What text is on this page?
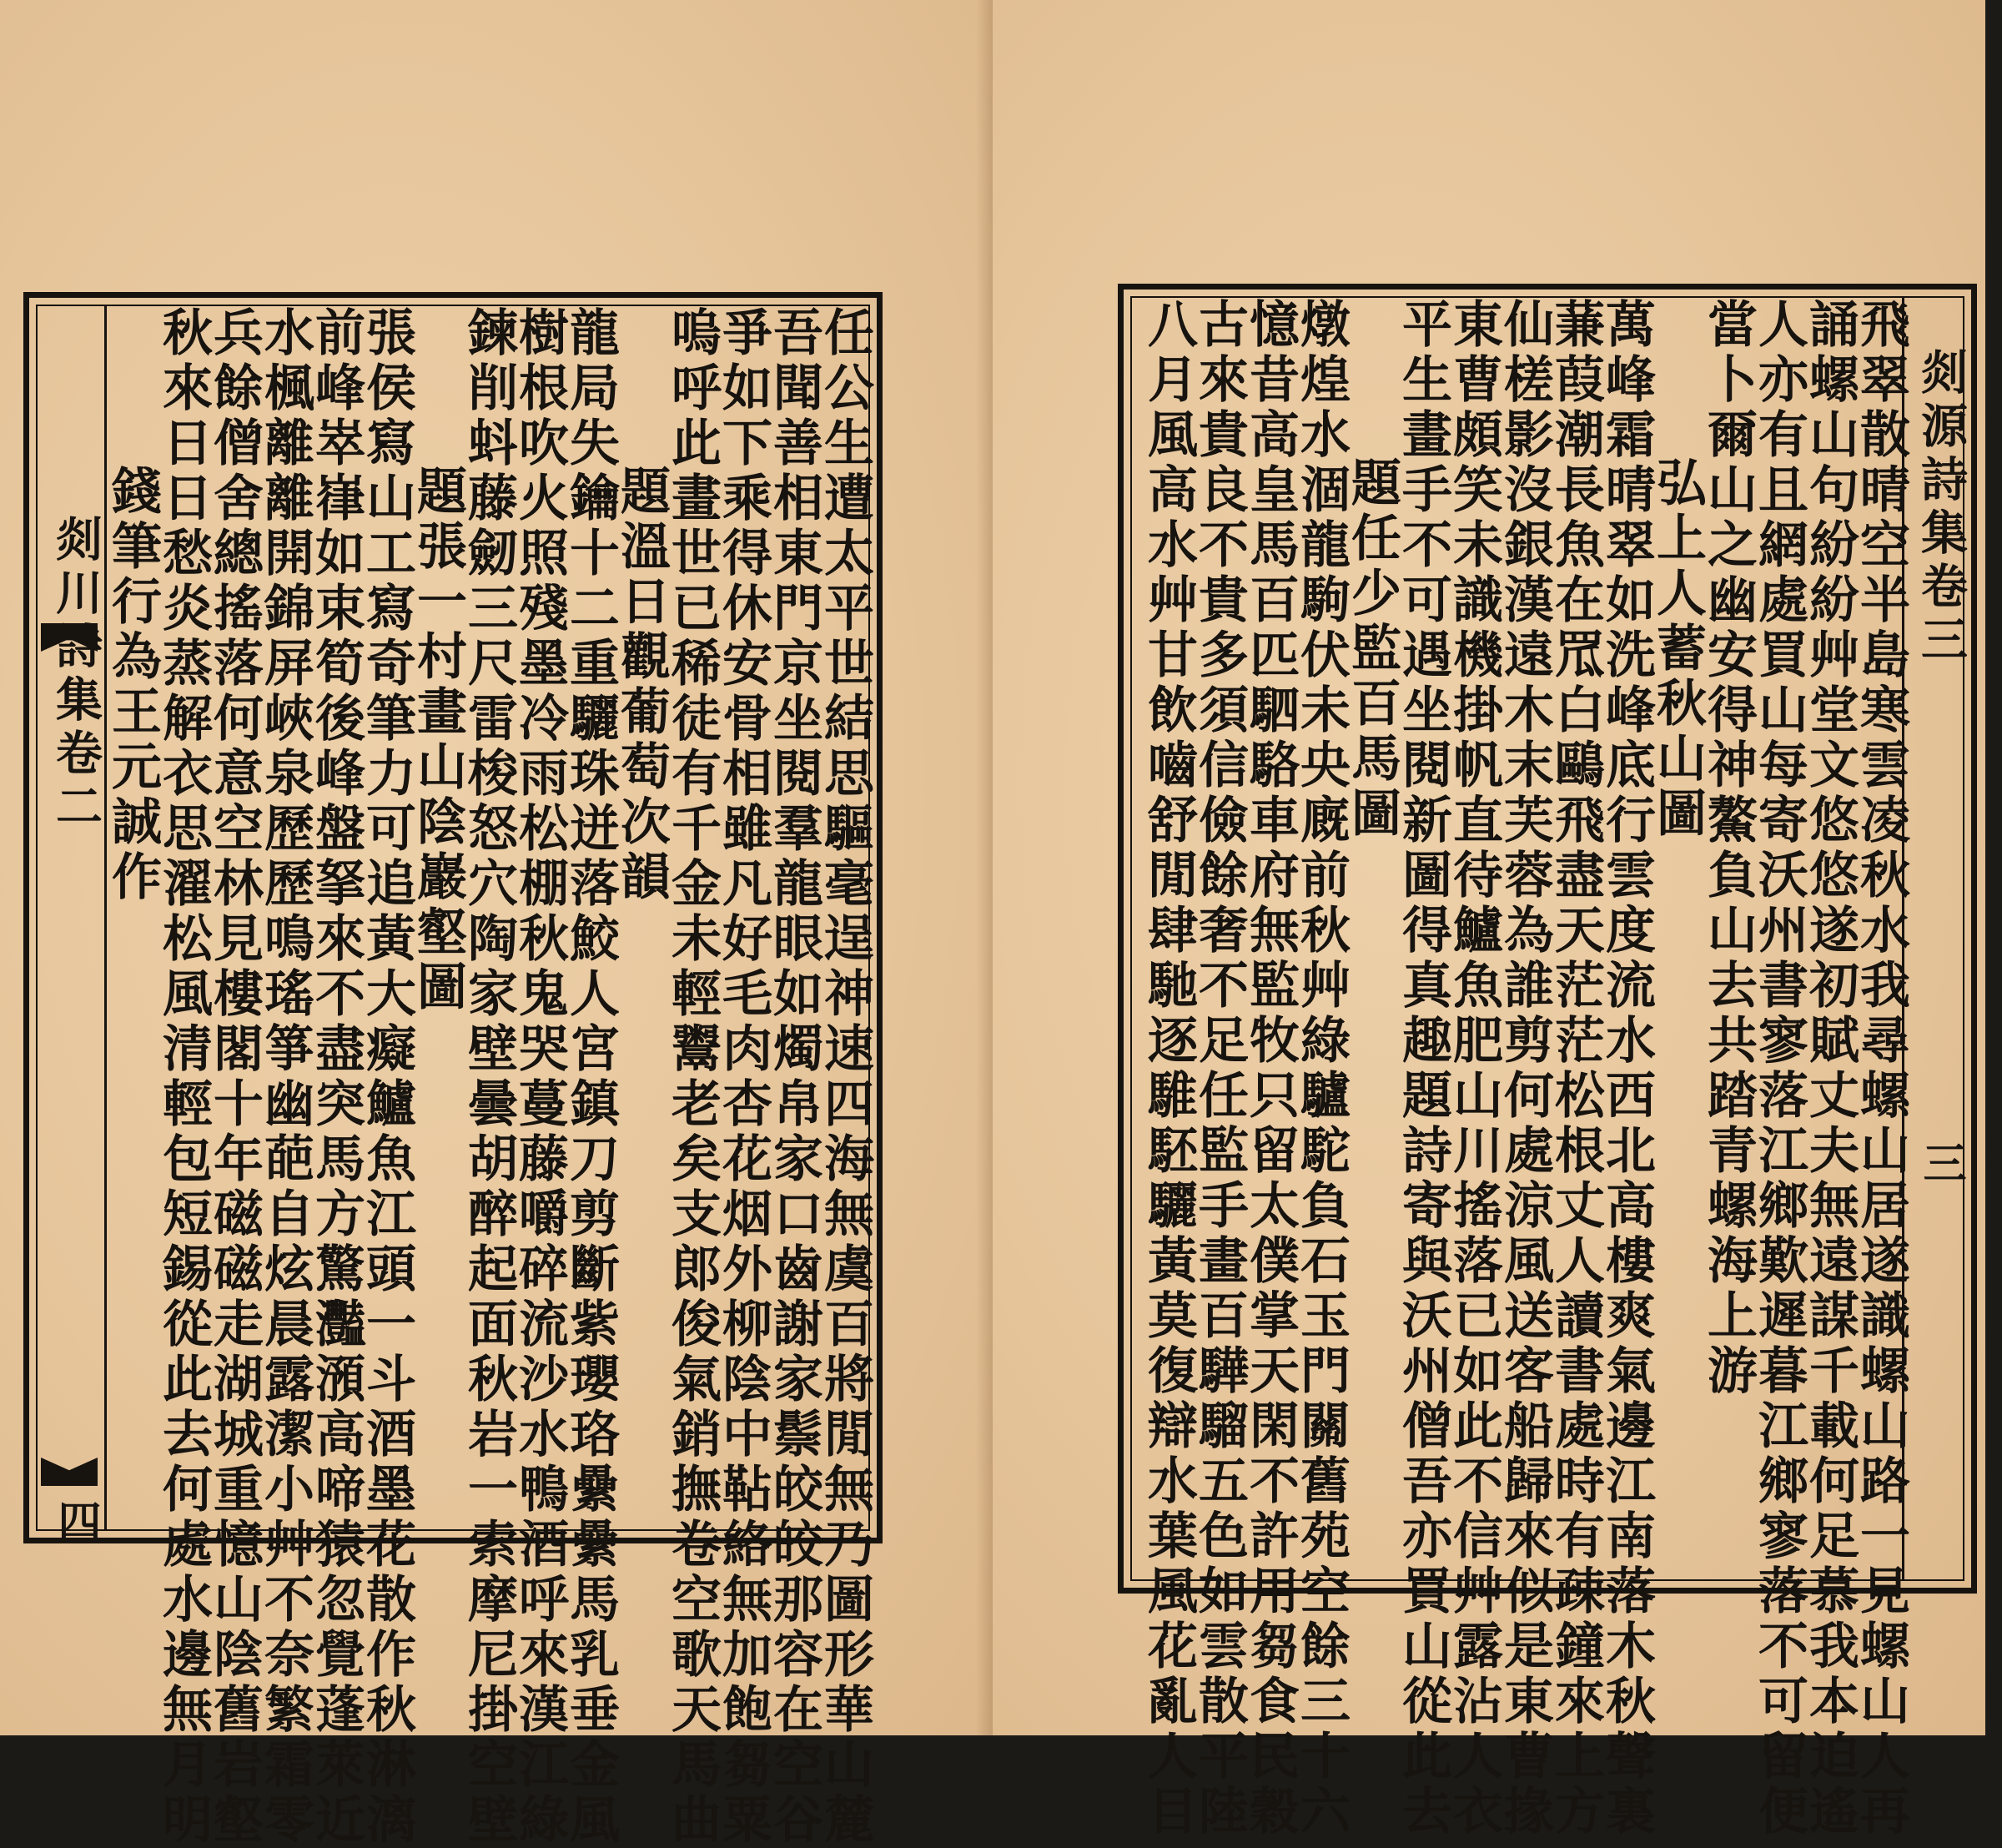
剡川詩集卷二
四	任公生遭太平世結思驅毫逞神速四海無虞百將閒無乃圖形華山麓
吾聞善相東門京坐閱羣龍眼如燭帛家口齒謝家鬃皎皎那容在空谷
爭如下乘得休安骨相雖凡好毛肉杏花烟外柳陰中䩞絡無加飽芻粟
嗚呼此畫世已稀徒有千金未輕鬻老矣支郎俊氣銷撫卷空歌天馬曲
題溫日觀葡萄次韻
龍局失鑰十二重驪珠迸落鮫人宮鎮刀剪斷紫瓔珞纍纍馬乳垂金風
樹根吹火照殘墨冷雨松棚秋鬼哭蔓藤嚼碎流沙水鴨酒呼來漢江綠
鍊削蚪藤劒三尺雷梭怒穴陶家壁曇胡醉起面秋岩一索摩尼掛空壁
題張一村畫山陰巖壑圖
張侯寫山工寫奇筆力可追黃大癡鱸魚江頭一斗酒墨花散作秋淋漓
前峰崒嵂如束筍後峰盤拏來不盡突馬方驚灩澦高啼猿忽覺蓬萊近
水楓離離開錦屏峽泉歷歷鳴瑤箏幽葩自炫晨露潔小艸不奈繁霜零
兵餘僧舍總搖落何意空林見樓閣十年磁磁走湖城重憶山陰舊岩壑
秋來日日愁炎蒸解衣思濯松風清輕包短錫從此去何處水邊無月明
錢筆行為王元誠作	剡源詩集卷三
三
飛翠散晴空半島寒雲凌秋水我尋螺山居遂識螺山路一見螺山人再
誦螺山句紛紛艸堂文悠悠遂初賦丈夫無遠謀千載何足慕我本迫遙
人亦有且網處買山每寄沃州書寥落江鄉歎遲暮江鄉寥落不可留便
當卜爾山之幽安得神鰲負山去共踏青螺海上游
弘上人蓄秋山圖
萬峰霜晴翠如洗峰底行雲度流水西北高樓爽氣邊江南落木秋聲裏
蒹葭潮長魚在罛白鷗飛盡天茫茫松根丈人讀書處時有疎鐘來上方
仙槎影沒銀漢遠木末芙蓉為誰剪何處涼風送客船歸來似是東曹掾
東曹頗笑未識機掛帆直待鱸魚肥山川搖落已如此不信艸露沾人衣
平生畫手不可遇坐閱新圖得真趣題詩寄與沃州僧吾亦買山從此去
題任少監百馬圖
燉煌水涸龍駒伏未央廐前秋艸綠驢駝負石玉門關舊苑空餘三十六
憶昔高皇馬百匹駟駱車府無監牧只留太僕掌天閑不許用芻食民穀
古來貴良不貴多須信儉餘奢不足任監手畫百驊騮五色如雲散平陸
八月風高水艸甘飲嚙舒閒肆馳逐騅駓驪黃莫復辯水葉風花亂人目
